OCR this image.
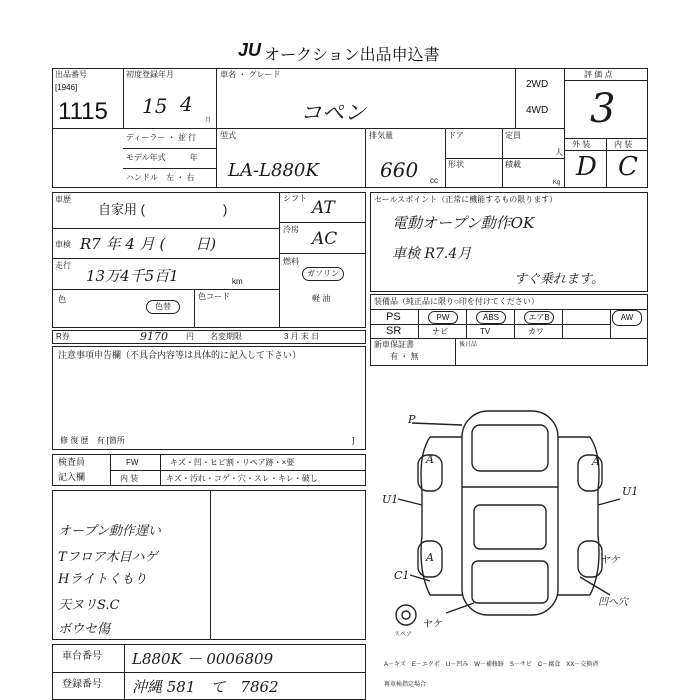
JU オークション出品申込書
出品番号
[1946]
1115
初度登録年月
15 4
月
車名 ・ グレード
コペン
2WD
4WD
評 価 点
3
外 装	内 装
D C
ディーラー ・ 並 行
モデル年式　　　年
ハンドル　左 ・ 右
型式
LA-L880K
排気量
660 cc
ドア
形状
定員
人
積載
Kg
車歴
自家用 (　　　　　　)
車検 R7 年 4 月 (　　日)
走行
13万4千5百1	km
色
色替
色コード
シフト AT
冷房 AC
燃料
ガソリン
軽 油
セールスポイント（正常に機能するもの限ります）
電動オープン動作OK
車検 R7.4月
すぐ乗れます。
装備品（純正品に限り○印を付けてください）
PS	PW	ABS	エアB	AW
SR	ナビ	TV	カワ
新車保証書
有 ・ 無
後日品
R券	9170 円 名変期限	3 月 末 日
注意事項申告欄（不具合内容等は具体的に記入して下さい）
修 復 歴　有 [箇所	]
検査員
記入欄
FW	キズ・凹・ヒビ割・リペア跡・×要
内 装	キズ・汚れ・コゲ・穴・スレ・キレ・破し
オープン動作遅い
Tフロア木目ハゲ
Hライトくもり
天ヌリS.C
ボウセ傷
P
U1
U1
A	A
A
C1
ヤケ
ヤケ
凹へ穴
スペア
A－キズ　E－エクボ　U－凹み　W－補修跡　S－サビ　C－腐食　XX－交換済
再車検指定場合
車台番号 L880K － 0006809
登録番号 沖縄 581　て　7862
